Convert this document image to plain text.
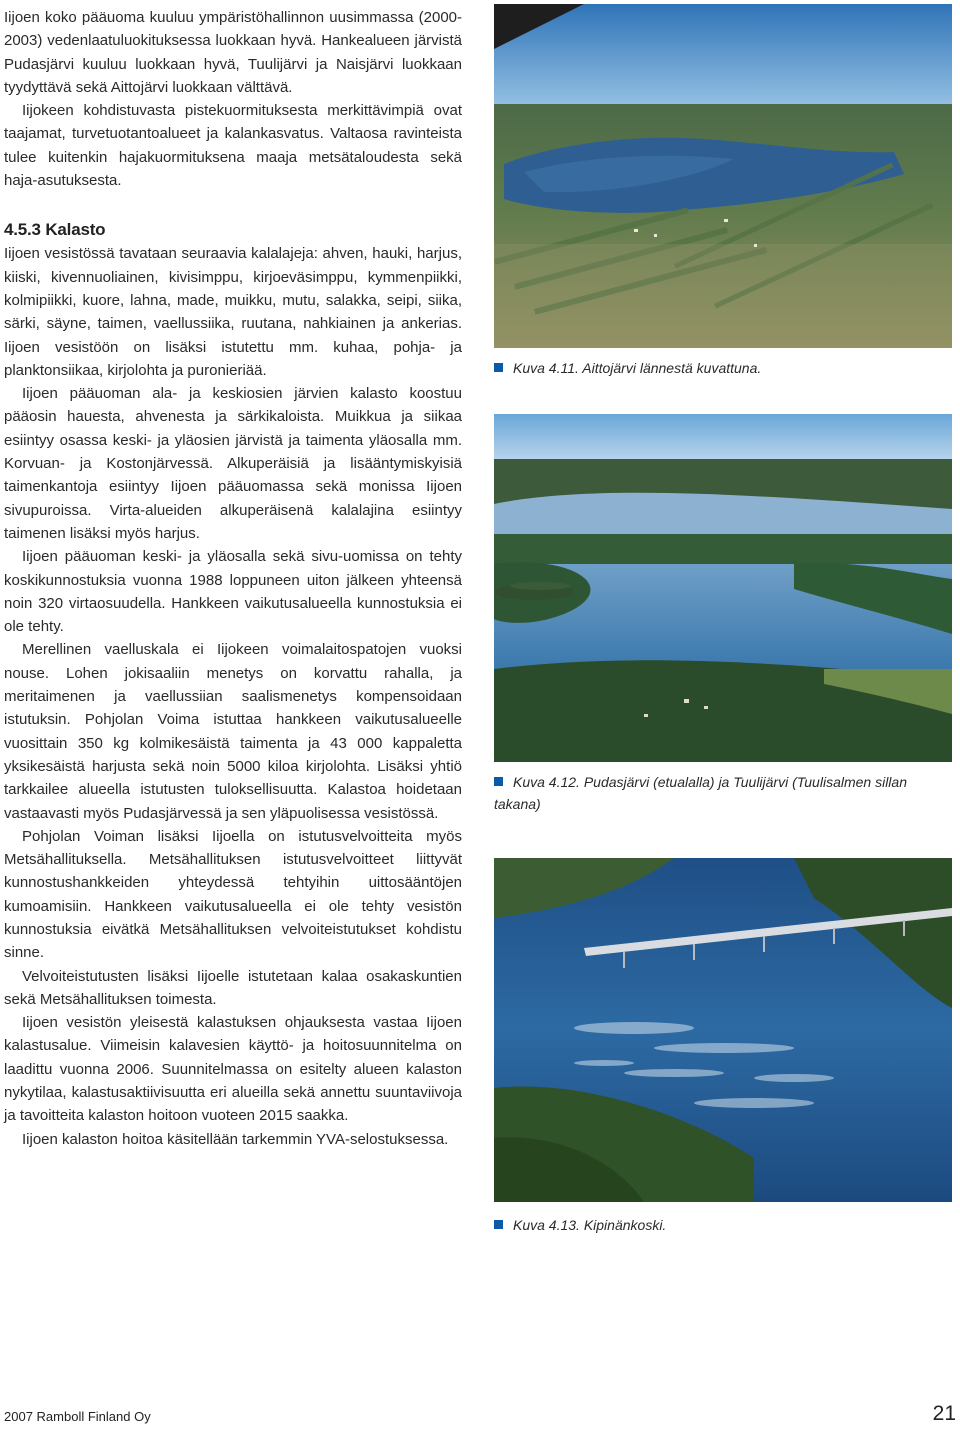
Iijoen koko pääuoma kuuluu ympäristöhallinnon uusimmassa (2000-2003) vedenlaatuluokituksessa luokkaan hyvä. Hankealueen järvistä Pudasjärvi kuuluu luokkaan hyvä, Tuulijärvi ja Naisjärvi luokkaan tyydyttävä sekä Aittojärvi luokkaan välttävä.

Iijokeen kohdistuvasta pistekuormituksesta merkittävimpiä ovat taajamat, turvetuotantoalueet ja kalankasvatus. Valtaosa ravinteista tulee kuitenkin hajakuormituksena maaja metsätaloudesta sekä haja-asutuksesta.

4.5.3 Kalasto

Iijoen vesistössä tavataan seuraavia kalalajeja: ahven, hauki, harjus, kiiski, kivennuoliainen, kivisimppu, kirjoeväsimppu, kymmenpiikki, kolmipiikki, kuore, lahna, made, muikku, mutu, salakka, seipi, siika, särki, säyne, taimen, vaellussiika, ruutana, nahkiainen ja ankerias. Iijoen vesistöön on lisäksi istutettu mm. kuhaa, pohja- ja planktonsiikaa, kirjolohta ja puronieriää.

Iijoen pääuoman ala- ja keskiosien järvien kalasto koostuu pääosin hauesta, ahvenesta ja särkikaloista. Muikkua ja siikaa esiintyy osassa keski- ja yläosien järvistä ja taimenta yläosalla mm. Korvuan- ja Kostonjärvessä. Alkuperäisiä ja lisääntymiskyisiä taimenkantoja esiintyy Iijoen pääuomassa sekä monissa Iijoen sivupuroissa. Virta-alueiden alkuperäisenä kalalajina esiintyy taimenen lisäksi myös harjus.

Iijoen pääuoman keski- ja yläosalla sekä sivu-uomissa on tehty koskikunnostuksia vuonna 1988 loppuneen uiton jälkeen yhteensä noin 320 virtaosuudella. Hankkeen vaikutusalueella kunnostuksia ei ole tehty.

Merellinen vaelluskala ei Iijokeen voimalaitospatojen vuoksi nouse. Lohen jokisaaliin menetys on korvattu rahalla, ja meritaimenen ja vaellussiian saalismenetys kompensoidaan istutuksin. Pohjolan Voima istuttaa hankkeen vaikutusalueelle vuosittain 350 kg kolmikesäistä taimenta ja 43 000 kappaletta yksikesäistä harjusta sekä noin 5000 kiloa kirjolohta. Lisäksi yhtiö tarkkailee alueella istutusten tuloksellisuutta. Kalastoa hoidetaan vastaavasti myös Pudasjärvessä ja sen yläpuolisessa vesistössä.

Pohjolan Voiman lisäksi Iijoella on istutusvelvoitteita myös Metsähallituksella. Metsähallituksen istutusvelvoitteet liittyvät kunnostushankkeiden yhteydessä tehtyihin uittosääntöjen kumoamisiin. Hankkeen vaikutusalueella ei ole tehty vesistön kunnostuksia eivätkä Metsähallituksen velvoiteistutukset kohdistu sinne.

Velvoiteistutusten lisäksi Iijoelle istutetaan kalaa osakaskuntien sekä Metsähallituksen toimesta.

Iijoen vesistön yleisestä kalastuksen ohjauksesta vastaa Iijoen kalastusalue. Viimeisin kalavesien käyttö- ja hoitosuunnitelma on laadittu vuonna 2006. Suunnitelmassa on esitelty alueen kalaston nykytilaa, kalastusaktiivisuutta eri alueilla sekä annettu suuntaviivoja ja tavoitteita kalaston hoitoon vuoteen 2015 saakka.

Iijoen kalaston hoitoa käsitellään tarkemmin YVA-selostuksessa.

Kuva 4.11. Aittojärvi lännestä kuvattuna.
Kuva 4.12. Pudasjärvi (etualalla) ja Tuulijärvi (Tuulisalmen sillan takana)
Kuva 4.13. Kipinänkoski.
2007 Ramboll Finland Oy	21
